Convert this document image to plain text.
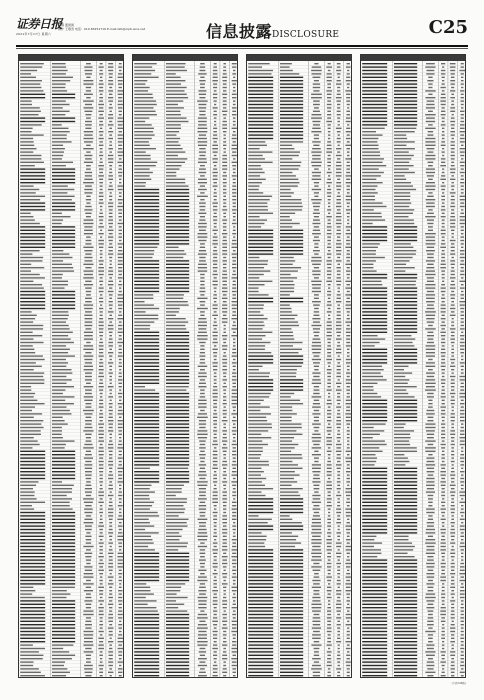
证券日报
2021年7月17日 星期六
编辑 董建国
制作 王敬涛 电话：010-83251716 E-mail:zzb@zqrb.sina.net	信息披露DISCLOSURE	C25
(下转C26版)
